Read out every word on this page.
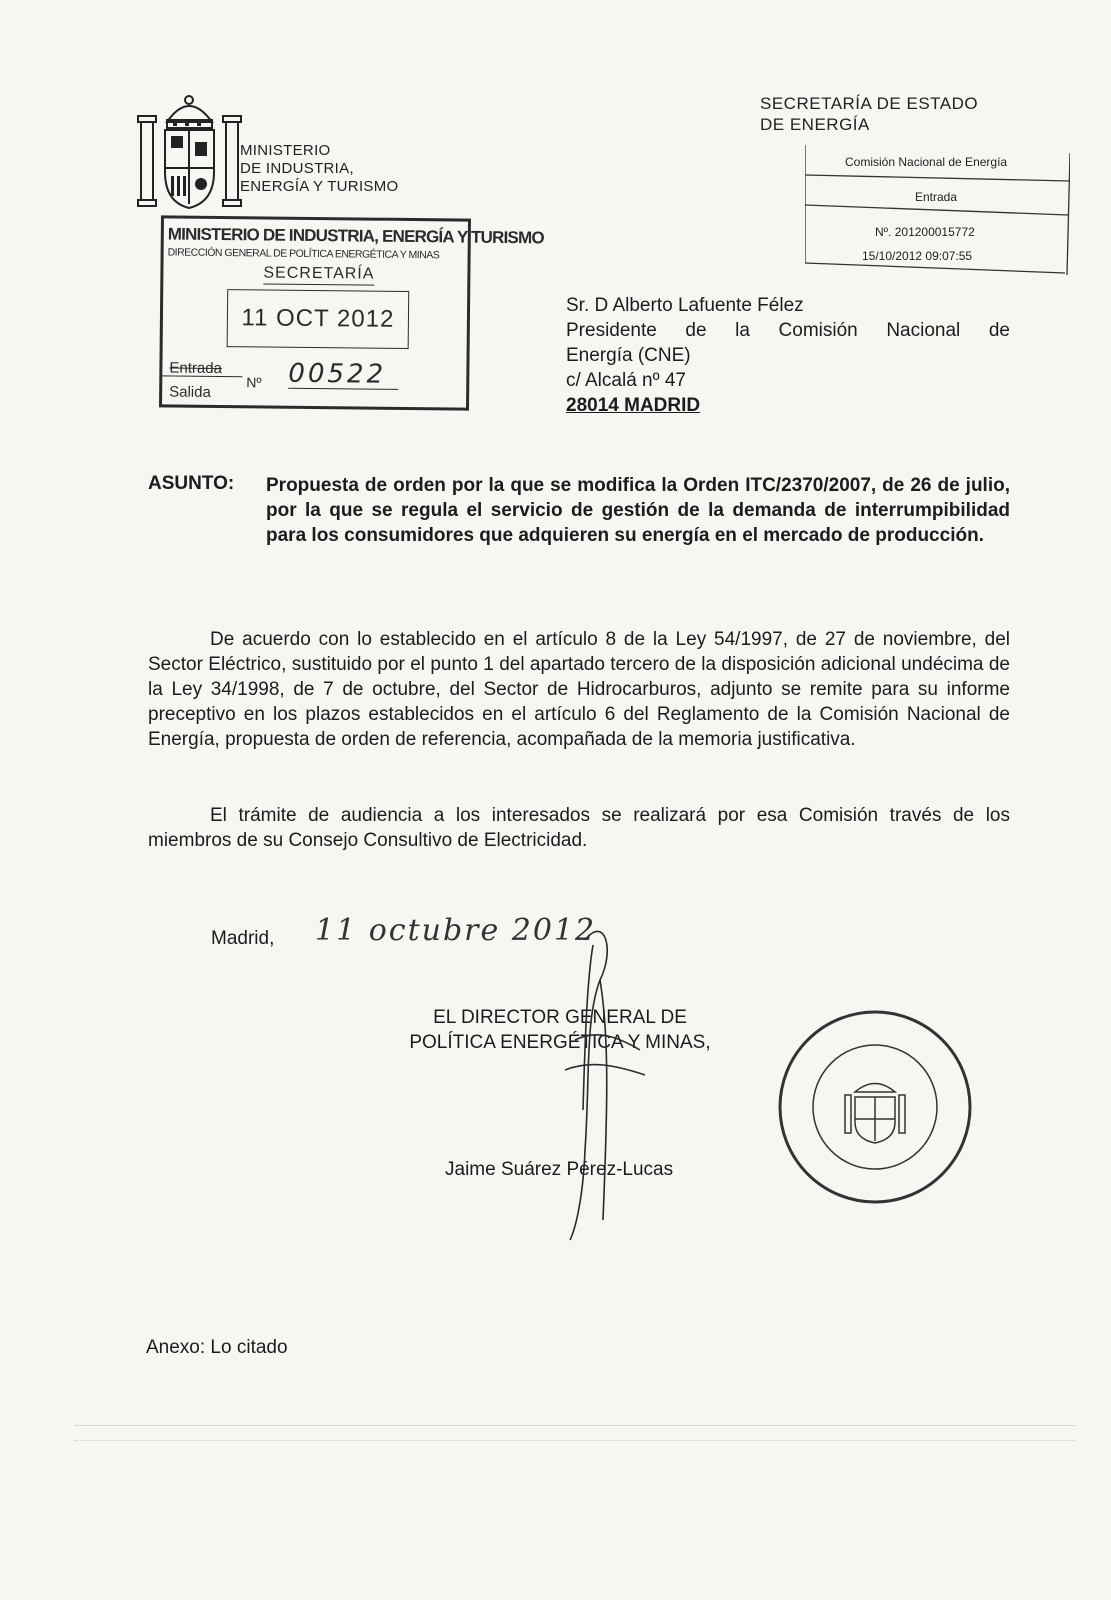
MINISTERIO
DE INDUSTRIA,
ENERGÍA Y TURISMO
SECRETARÍA DE ESTADO
DE ENERGÍA
Comisión Nacional de Energía
Entrada
Nº. 201200015772
15/10/2012 09:07:55
MINISTERIO DE INDUSTRIA, ENERGÍA Y TURISMO
DIRECCIÓN GENERAL DE POLÍTICA ENERGÉTICA Y MINAS
SECRETARÍA
11 OCT 2012
Entrada
Salida
Nº 00522
Sr. D Alberto Lafuente Félez
Presidente de la Comisión Nacional de
Energía (CNE)
c/ Alcalá nº 47
28014 MADRID
ASUNTO: Propuesta de orden por la que se modifica la Orden ITC/2370/2007, de 26 de julio, por la que se regula el servicio de gestión de la demanda de interrumpibilidad para los consumidores que adquieren su energía en el mercado de producción.
De acuerdo con lo establecido en el artículo 8 de la Ley 54/1997, de 27 de noviembre, del Sector Eléctrico, sustituido por el punto 1 del apartado tercero de la disposición adicional undécima de la Ley 34/1998, de 7 de octubre, del Sector de Hidrocarburos, adjunto se remite para su informe preceptivo en los plazos establecidos en el artículo 6 del Reglamento de la Comisión Nacional de Energía, propuesta de orden de referencia, acompañada de la memoria justificativa.
El trámite de audiencia a los interesados se realizará por esa Comisión través de los miembros de su Consejo Consultivo de Electricidad.
Madrid, 11 octubre 2012
EL DIRECTOR GENERAL DE
POLÍTICA ENERGÉTICA Y MINAS,
Jaime Suárez Pérez-Lucas
Anexo: Lo citado
